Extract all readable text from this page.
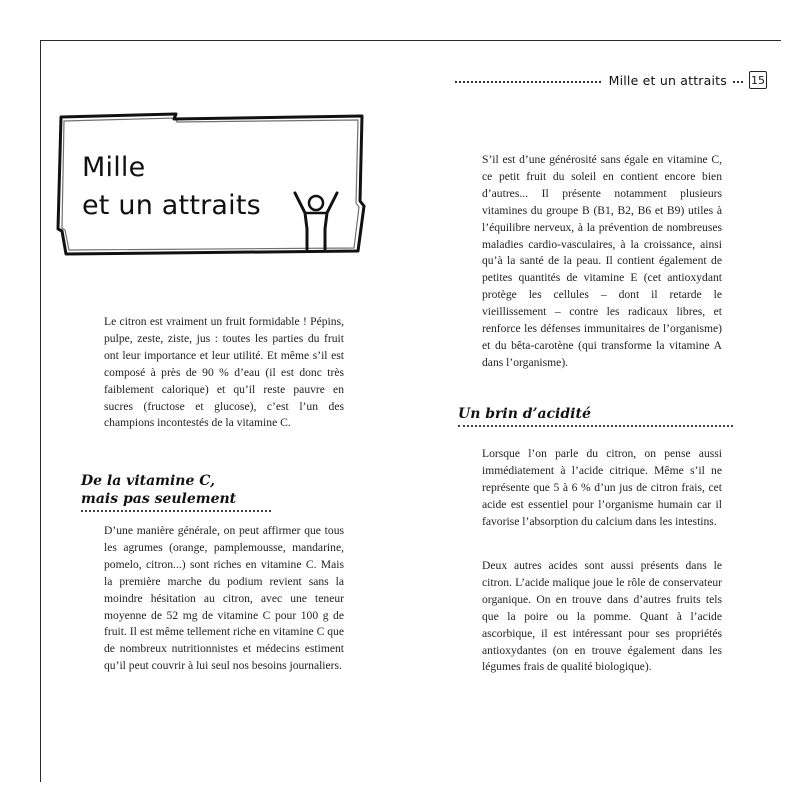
Mille et un attraits 15
Mille
et un attraits

Le citron est vraiment un fruit formidable ! Pépins, pulpe, zeste, ziste, jus : toutes les parties du fruit ont leur importance et leur utilité. Et même s’il est composé à près de 90 % d’eau (il est donc très faiblement calorique) et qu’il reste pauvre en sucres (fructose et glucose), c’est l’un des champions incontestés de la vitamine C.

De la vitamine C,
mais pas seulement

D’une manière générale, on peut affirmer que tous les agrumes (orange, pamplemousse, mandarine, pomelo, citron...) sont riches en vitamine C. Mais la première marche du podium revient sans la moindre hésitation au citron, avec une teneur moyenne de 52 mg de vitamine C pour 100 g de fruit. Il est même tellement riche en vitamine C que de nombreux nutritionnistes et médecins estiment qu’il peut couvrir à lui seul nos besoins journaliers.

S’il est d’une générosité sans égale en vitamine C, ce petit fruit du soleil en contient encore bien d’autres... Il présente notamment plusieurs vitamines du groupe B (B1, B2, B6 et B9) utiles à l’équilibre nerveux, à la prévention de nombreuses maladies cardio-vasculaires, à la croissance, ainsi qu’à la santé de la peau. Il contient également de petites quantités de vitamine E (cet antioxydant protège les cellules – dont il retarde le vieillissement – contre les radicaux libres, et renforce les défenses immunitaires de l’organisme) et du bêta-carotène (qui transforme la vitamine A dans l’organisme).

Un brin d’acidité

Lorsque l’on parle du citron, on pense aussi immédiatement à l’acide citrique. Même s’il ne représente que 5 à 6 % d’un jus de citron frais, cet acide est essentiel pour l’organisme humain car il favorise l’absorption du calcium dans les intestins.

Deux autres acides sont aussi présents dans le citron. L’acide malique joue le rôle de conservateur organique. On en trouve dans d’autres fruits tels que la poire ou la pomme. Quant à l’acide ascorbique, il est intéressant pour ses propriétés antioxydantes (on en trouve également dans les légumes frais de qualité biologique).
